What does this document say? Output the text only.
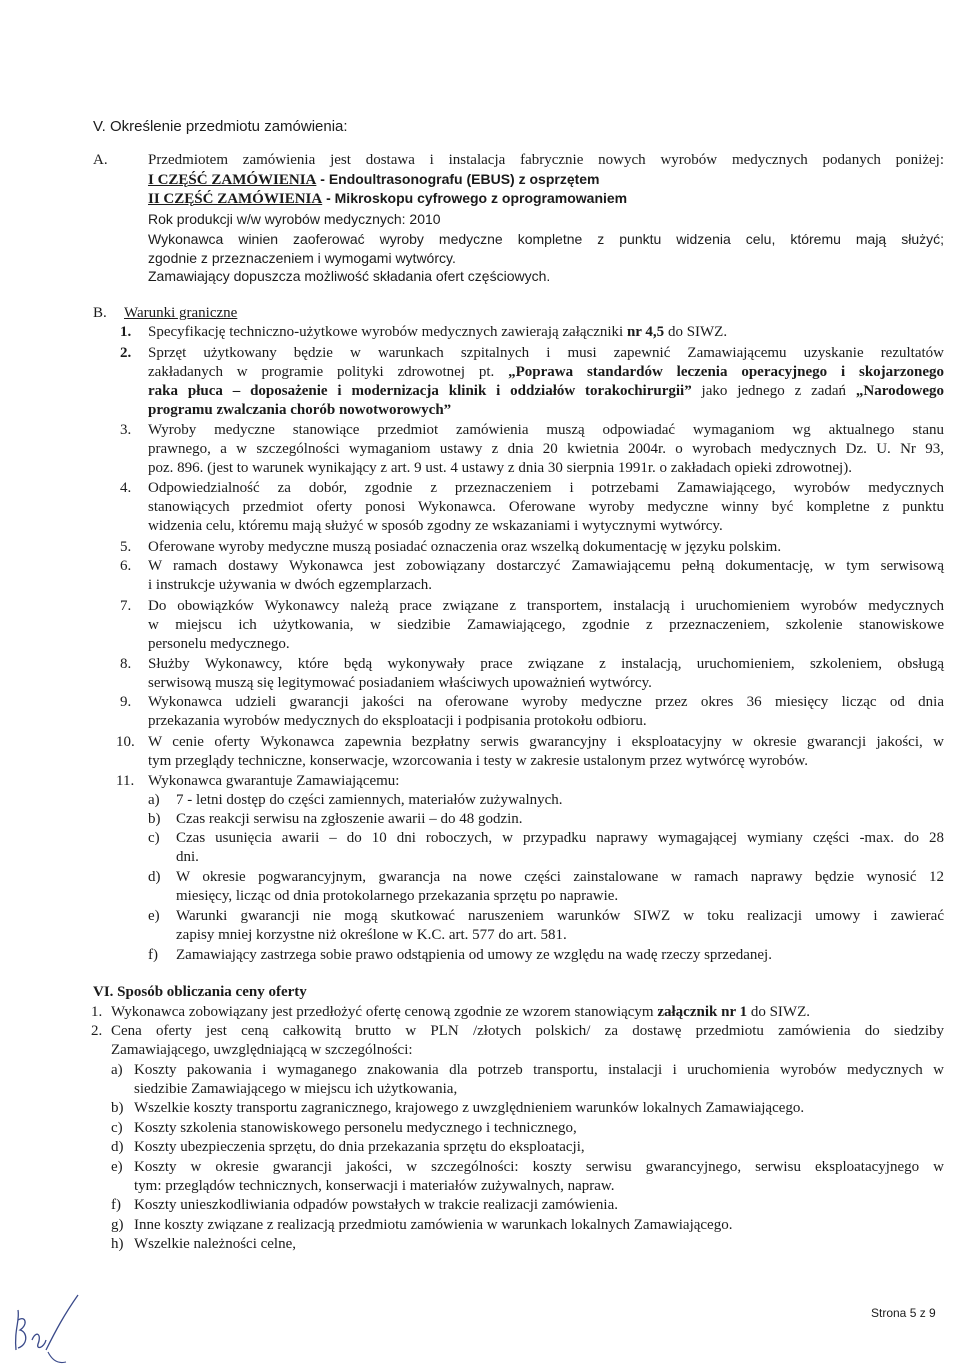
V. Określenie przedmiotu zamówienia:
A.	Przedmiotem zamówienia jest dostawa i instalacja fabrycznie nowych wyrobów medycznych podanych poniżej:
I CZĘŚĆ ZAMÓWIENIA - Endoultrasonografu (EBUS) z osprzętem
II CZĘŚĆ ZAMÓWIENIA - Mikroskopu cyfrowego z oprogramowaniem
Rok produkcji w/w wyrobów medycznych: 2010
Wykonawca winien zaoferować wyroby medyczne kompletne z punktu widzenia celu, któremu mają służyć;
zgodnie z przeznaczeniem i wymogami wytwórcy.
Zamawiający dopuszcza możliwość składania ofert częściowych.
B. Warunki graniczne
1. Specyfikację techniczno-użytkowe wyrobów medycznych zawierają załączniki nr 4,5 do SIWZ.
2. Sprzęt użytkowany będzie w warunkach szpitalnych i musi zapewnić Zamawiającemu uzyskanie rezultatów
zakładanych w programie polityki zdrowotnej pt. „Poprawa standardów leczenia operacyjnego i skojarzonego
raka płuca – doposażenie i modernizacja klinik i oddziałów torakochirurgii” jako jednego z zadań „Narodowego
programu zwalczania chorób nowotworowych”
3. Wyroby medyczne stanowiące przedmiot zamówienia muszą odpowiadać wymaganiom wg aktualnego stanu
prawnego, a w szczególności wymaganiom ustawy z dnia 20 kwietnia 2004r. o wyrobach medycznych Dz. U. Nr 93,
poz. 896. (jest to warunek wynikający z art. 9 ust. 4 ustawy z dnia 30 sierpnia 1991r. o zakładach opieki zdrowotnej).
4. Odpowiedzialność za dobór, zgodnie z przeznaczeniem i potrzebami Zamawiającego, wyrobów medycznych
stanowiących przedmiot oferty ponosi Wykonawca. Oferowane wyroby medyczne winny być kompletne z punktu
widzenia celu, któremu mają służyć w sposób zgodny ze wskazaniami i wytycznymi wytwórcy.
5. Oferowane wyroby medyczne muszą posiadać oznaczenia oraz wszelką dokumentację w języku polskim.
6. W ramach dostawy Wykonawca jest zobowiązany dostarczyć Zamawiającemu pełną dokumentację, w tym serwisową
i instrukcje używania w dwóch egzemplarzach.
7. Do obowiązków Wykonawcy należą prace związane z transportem, instalacją i uruchomieniem wyrobów medycznych
w miejscu ich użytkowania, w siedzibie Zamawiającego, zgodnie z przeznaczeniem, szkolenie stanowiskowe
personelu medycznego.
8. Służby Wykonawcy, które będą wykonywały prace związane z instalacją, uruchomieniem, szkoleniem, obsługą
serwisową muszą się legitymować posiadaniem właściwych upoważnień wytwórcy.
9. Wykonawca udzieli gwarancji jakości na oferowane wyroby medyczne przez okres 36 miesięcy licząc od dnia
przekazania wyrobów medycznych do eksploatacji i podpisania protokołu odbioru.
10. W cenie oferty Wykonawca zapewnia bezpłatny serwis gwarancyjny i eksploatacyjny w okresie gwarancji jakości, w
tym przeglądy techniczne, konserwacje, wzorcowania i testy w zakresie ustalonym przez wytwórcę wyrobów.
11. Wykonawca gwarantuje Zamawiającemu:
a) 7 - letni dostęp do części zamiennych, materiałów zużywalnych.
b) Czas reakcji serwisu na zgłoszenie awarii – do 48 godzin.
c) Czas usunięcia awarii – do 10 dni roboczych, w przypadku naprawy wymagającej wymiany części -max. do 28
dni.
d) W okresie pogwarancyjnym, gwarancja na nowe części zainstalowane w ramach naprawy będzie wynosić 12
miesięcy, licząc od dnia protokolarnego przekazania sprzętu po naprawie.
e) Warunki gwarancji nie mogą skutkować naruszeniem warunków SIWZ w toku realizacji umowy i zawierać
zapisy mniej korzystne niż określone w K.C. art. 577 do art. 581.
f) Zamawiający zastrzega sobie prawo odstąpienia od umowy ze względu na wadę rzeczy sprzedanej.
VI. Sposób obliczania ceny oferty
1. Wykonawca zobowiązany jest przedłożyć ofertę cenową zgodnie ze wzorem stanowiącym załącznik nr 1 do SIWZ.
2. Cena oferty jest ceną całkowitą brutto w PLN /złotych polskich/ za dostawę przedmiotu zamówienia do siedziby
Zamawiającego, uwzględniającą w szczególności:
a) Koszty pakowania i wymaganego znakowania dla potrzeb transportu, instalacji i uruchomienia wyrobów medycznych w
siedzibie Zamawiającego w miejscu ich użytkowania,
b) Wszelkie koszty transportu zagranicznego, krajowego z uwzględnieniem warunków lokalnych Zamawiającego.
c) Koszty szkolenia stanowiskowego personelu medycznego i technicznego,
d) Koszty ubezpieczenia sprzętu, do dnia przekazania sprzętu do eksploatacji,
e) Koszty w okresie gwarancji jakości, w szczególności: koszty serwisu gwarancyjnego, serwisu eksploatacyjnego w
tym: przeglądów technicznych, konserwacji i materiałów zużywalnych, napraw.
f) Koszty unieszkodliwiania odpadów powstałych w trakcie realizacji zamówienia.
g) Inne koszty związane z realizacją przedmiotu zamówienia w warunkach lokalnych Zamawiającego.
h) Wszelkie należności celne,
Strona 5 z 9
